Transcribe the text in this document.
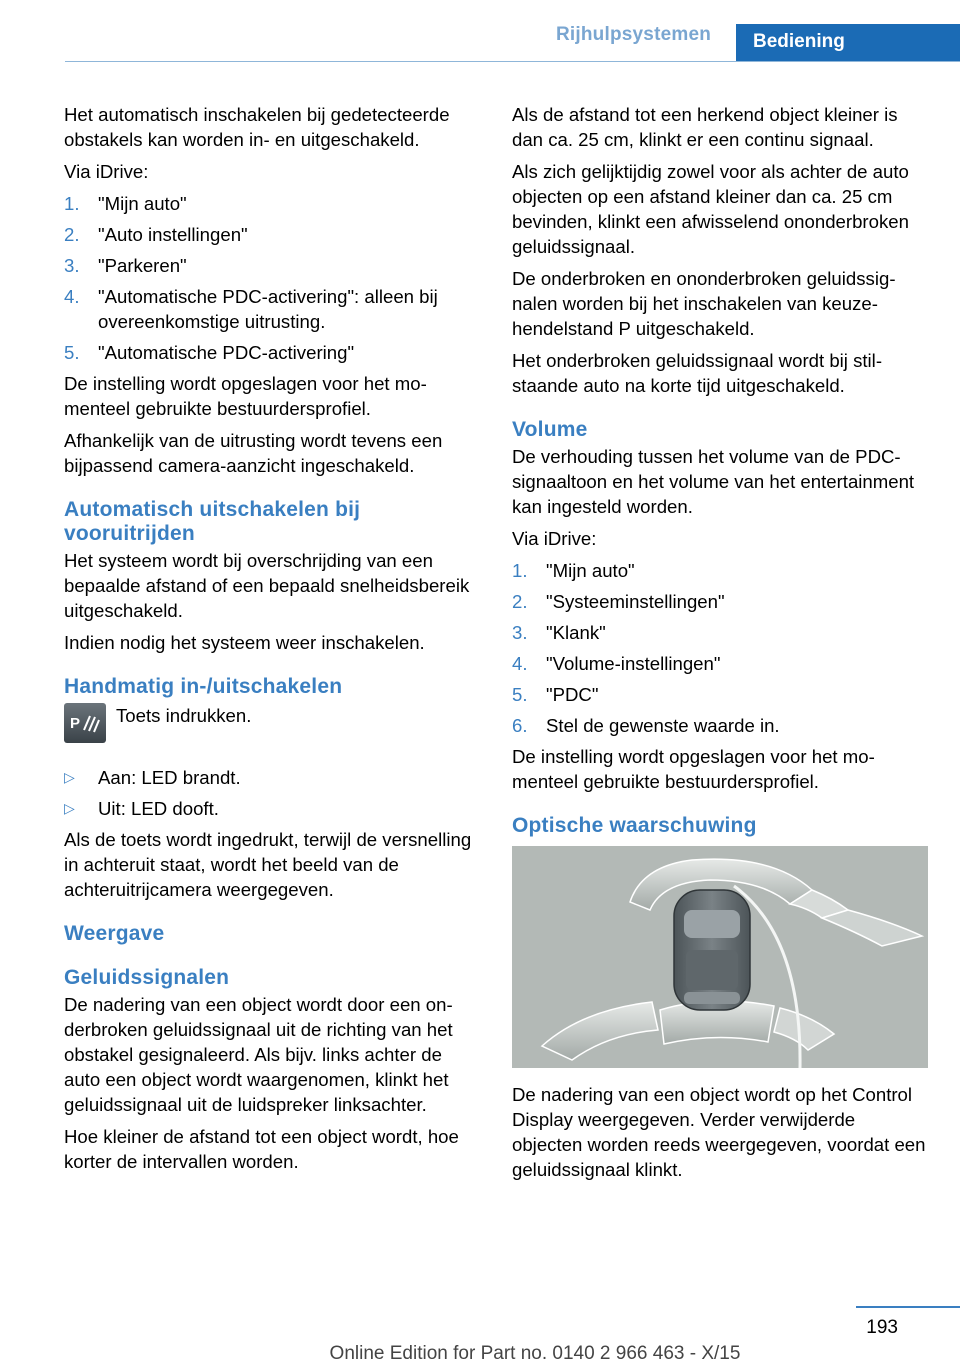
Rijhulpsystemen	Bediening

Het automatisch inschakelen bij gedetecteerde obstakels kan worden in- en uitgeschakeld.

Via iDrive:

1. "Mijn auto"
2. "Auto instellingen"
3. "Parkeren"
4. "Automatische PDC-activering": alleen bij overeenkomstige uitrusting.
5. "Automatische PDC-activering"

De instelling wordt opgeslagen voor het momenteel gebruikte bestuurdersprofiel.

Afhankelijk van de uitrusting wordt tevens een bijpassend camera-aanzicht ingeschakeld.

Automatisch uitschakelen bij vooruitrijden

Het systeem wordt bij overschrijding van een bepaalde afstand of een bepaald snelheidsbereik uitgeschakeld.

Indien nodig het systeem weer inschakelen.

Handmatig in-/uitschakelen
P Toets indrukken.
▷	Aan: LED brandt.
▷	Uit: LED dooft.

Als de toets wordt ingedrukt, terwijl de versnelling in achteruit staat, wordt het beeld van de achteruitrijcamera weergegeven.

Weergave
Geluidssignalen

De nadering van een object wordt door een onderbroken geluidssignaal uit de richting van het obstakel gesignaleerd. Als bijv. links achter de auto een object wordt waargenomen, klinkt het geluidssignaal uit de luidspreker linksachter.

Hoe kleiner de afstand tot een object wordt, hoe korter de intervallen worden.

Als de afstand tot een herkend object kleiner is dan ca. 25 cm, klinkt er een continu signaal.

Als zich gelijktijdig zowel voor als achter de auto objecten op een afstand kleiner dan ca. 25 cm bevinden, klinkt een afwisselend ononderbroken geluidssignaal.

De onderbroken en ononderbroken geluidssignalen worden bij het inschakelen van keuzehendelstand P uitgeschakeld.

Het onderbroken geluidssignaal wordt bij stilstaande auto na korte tijd uitgeschakeld.

Volume

De verhouding tussen het volume van de PDC-signaaltoon en het volume van het entertainment kan ingesteld worden.

Via iDrive:

1. "Mijn auto"
2. "Systeeminstellingen"
3. "Klank"
4. "Volume-instellingen"
5. "PDC"
6. Stel de gewenste waarde in.

De instelling wordt opgeslagen voor het momenteel gebruikte bestuurdersprofiel.

Optische waarschuwing

De nadering van een object wordt op het Control Display weergegeven. Verder verwijderde objecten worden reeds weergegeven, voordat een geluidssignaal klinkt.

193
Online Edition for Part no. 0140 2 966 463 - X/15
